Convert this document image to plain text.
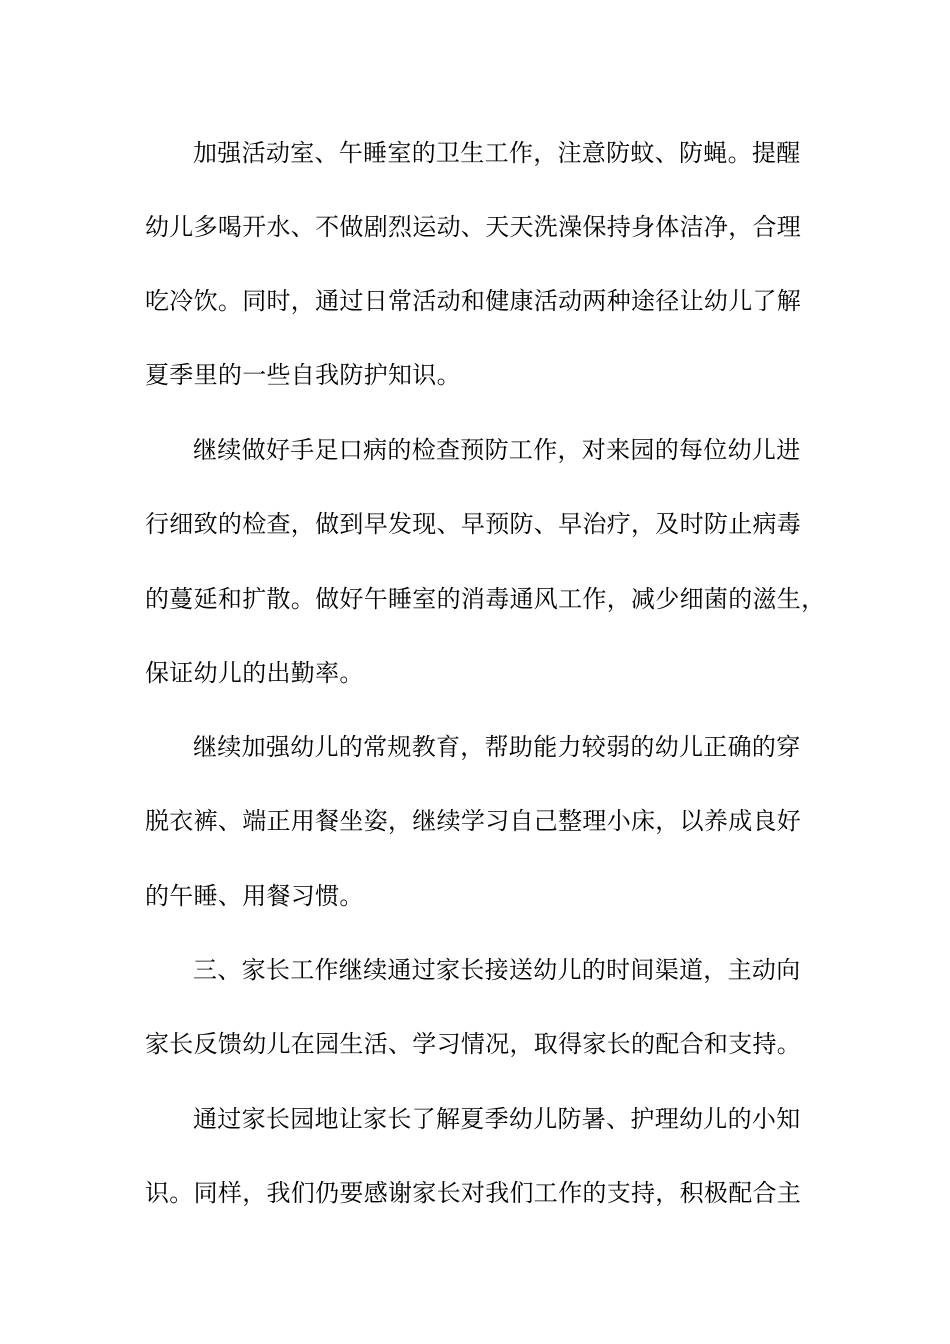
加强活动室、午睡室的卫生工作，注意防蚊、防蝇。提醒
幼儿多喝开水、不做剧烈运动、天天洗澡保持身体洁净，合理
吃冷饮。同时，通过日常活动和健康活动两种途径让幼儿了解
夏季里的一些自我防护知识。
继续做好手足口病的检查预防工作，对来园的每位幼儿进
行细致的检查，做到早发现、早预防、早治疗，及时防止病毒
的蔓延和扩散。做好午睡室的消毒通风工作，减少细菌的滋生，
保证幼儿的出勤率。
继续加强幼儿的常规教育，帮助能力较弱的幼儿正确的穿
脱衣裤、端正用餐坐姿，继续学习自己整理小床，以养成良好
的午睡、用餐习惯。
三、家长工作继续通过家长接送幼儿的时间渠道，主动向
家长反馈幼儿在园生活、学习情况，取得家长的配合和支持。
通过家长园地让家长了解夏季幼儿防暑、护理幼儿的小知
识。同样，我们仍要感谢家长对我们工作的支持，积极配合主
